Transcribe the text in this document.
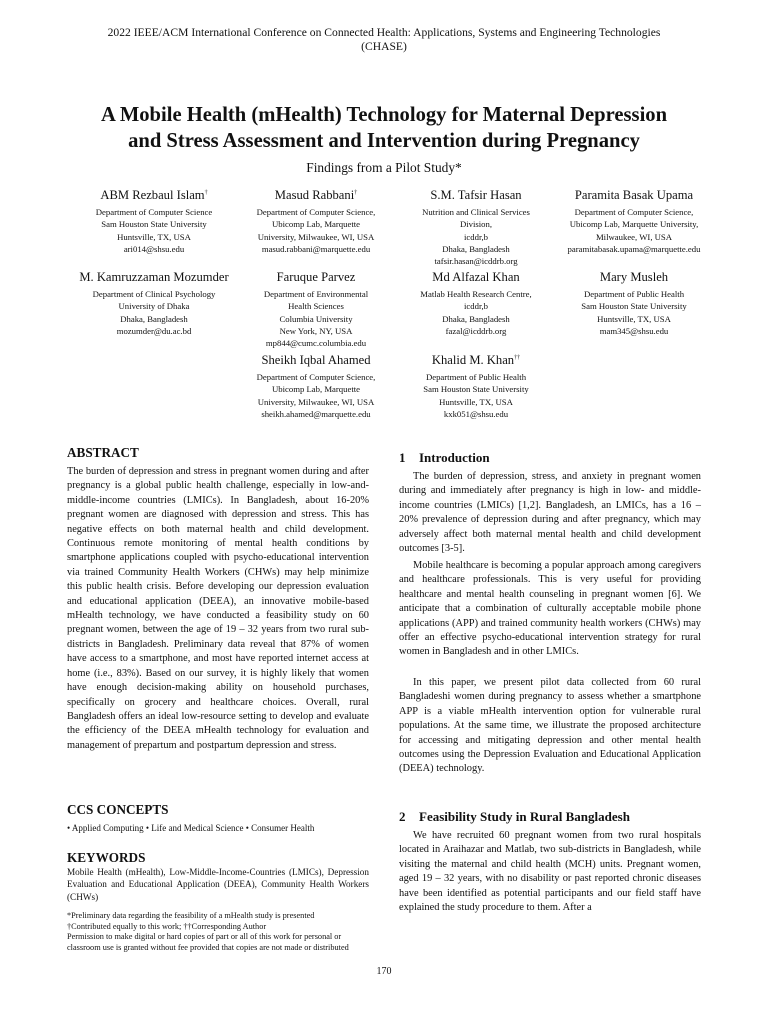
2022 IEEE/ACM International Conference on Connected Health: Applications, Systems and Engineering Technologies
(CHASE)
A Mobile Health (mHealth) Technology for Maternal Depression
and Stress Assessment and Intervention during Pregnancy
Findings from a Pilot Study*
ABM Rezbaul Islam†
Department of Computer Science
Sam Houston State University
Huntsville, TX, USA
ari014@shsu.edu
Masud Rabbani†
Department of Computer Science,
Ubicomp Lab, Marquette
University, Milwaukee, WI, USA
masud.rabbani@marquette.edu
S.M. Tafsir Hasan
Nutrition and Clinical Services
Division,
icddr,b
Dhaka, Bangladesh
tafsir.hasan@icddrb.org
Paramita Basak Upama
Department of Computer Science,
Ubicomp Lab, Marquette University,
Milwaukee, WI, USA
paramitabasak.upama@marquette.edu
M. Kamruzzaman Mozumder
Department of Clinical Psychology
University of Dhaka
Dhaka, Bangladesh
mozumder@du.ac.bd
Faruque Parvez
Department of Environmental
Health Sciences
Columbia University
New York, NY, USA
mp844@cumc.columbia.edu
Md Alfazal Khan
Matlab Health Research Centre,
icddr,b
Dhaka, Bangladesh
fazal@icddrb.org
Mary Musleh
Department of Public Health
Sam Houston State University
Huntsville, TX, USA
mam345@shsu.edu
Sheikh Iqbal Ahamed
Department of Computer Science,
Ubicomp Lab, Marquette
University, Milwaukee, WI, USA
sheikh.ahamed@marquette.edu
Khalid M. Khan††
Department of Public Health
Sam Houston State University
Huntsville, TX, USA
kxk051@shsu.edu
ABSTRACT

The burden of depression and stress in pregnant women during and after pregnancy is a global public health challenge, especially in low-and-middle-income countries (LMICs). In Bangladesh, about 16-20% pregnant women are diagnosed with depression and stress. This has negative effects on both maternal health and child development. Continuous remote monitoring of mental health conditions by smartphone applications coupled with psycho-educational intervention via trained Community Health Workers (CHWs) may help minimize this public health crisis. Before developing our depression evaluation and educational application (DEEA), an innovative mobile-based mHealth technology, we have conducted a feasibility study on 60 pregnant women, between the age of 19 – 32 years from two rural sub-districts in Bangladesh. Preliminary data reveal that 87% of women have access to a smartphone, and most have reported internet access at home (i.e., 83%). Based on our survey, it is highly likely that women have enough decision-making ability on household purchases, specifically on grocery and healthcare choices. Overall, rural Bangladesh offers an ideal low-resource setting to develop and evaluate the efficiency of the DEEA mHealth technology for evaluation and management of prepartum and postpartum depression and stress.

CCS CONCEPTS
• Applied Computing • Life and Medical Science • Consumer Health
KEYWORDS

Mobile Health (mHealth), Low-Middle-Income-Countries (LMICs), Depression Evaluation and Educational Application (DEEA), Community Health Workers (CHWs)

*Preliminary data regarding the feasibility of a mHealth study is presented
†Contributed equally to this work; ††Corresponding Author
Permission to make digital or hard copies of part or all of this work for personal or classroom use is granted without fee provided that copies are not made or distributed
1 Introduction

The burden of depression, stress, and anxiety in pregnant women during and immediately after pregnancy is high in low- and middle-income countries (LMICs) [1,2]. Bangladesh, an LMICs, has a 16 – 20% prevalence of depression during and after pregnancy, which may adversely affect both maternal mental health and child development outcomes [3-5].

Mobile healthcare is becoming a popular approach among caregivers and healthcare professionals. This is very useful for providing healthcare and mental health counseling in pregnant women [6]. We anticipate that a combination of culturally acceptable mobile phone applications (APP) and trained community health workers (CHWs) may offer an effective psycho-educational intervention strategy for rural women in Bangladesh and in other LMICs.

In this paper, we present pilot data collected from 60 rural Bangladeshi women during pregnancy to assess whether a smartphone APP is a viable mHealth intervention option for vulnerable rural populations. At the same time, we illustrate the proposed architecture for accessing and mitigating depression and other mental health outcomes using the Depression Evaluation and Educational Application (DEEA) technology.

2 Feasibility Study in Rural Bangladesh

We have recruited 60 pregnant women from two rural hospitals located in Araihazar and Matlab, two sub-districts in Bangladesh, while visiting the maternal and child health (MCH) units. Pregnant women, aged 19 – 32 years, with no disability or past reported chronic diseases have been identified as potential participants and our field staff have explained the study procedure to them. After a

170
